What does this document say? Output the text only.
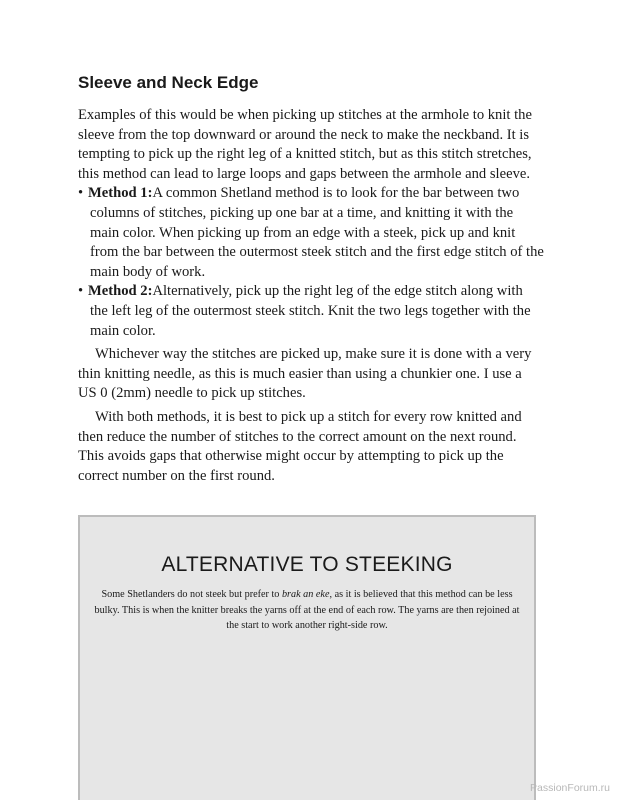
Sleeve and Neck Edge

Examples of this would be when picking up stitches at the armhole to knit the sleeve from the top downward or around the neck to make the neckband. It is tempting to pick up the right leg of a knitted stitch, but as this stitch stretches, this method can lead to large loops and gaps between the armhole and sleeve.

• Method 1:A common Shetland method is to look for the bar between two columns of stitches, picking up one bar at a time, and knitting it with the main color. When picking up from an edge with a steek, pick up and knit from the bar between the outermost steek stitch and the first edge stitch of the main body of work.
• Method 2:Alternatively, pick up the right leg of the edge stitch along with the left leg of the outermost steek stitch. Knit the two legs together with the main color.

Whichever way the stitches are picked up, make sure it is done with a very thin knitting needle, as this is much easier than using a chunkier one. I use a US 0 (2mm) needle to pick up stitches.

With both methods, it is best to pick up a stitch for every row knitted and then reduce the number of stitches to the correct amount on the next round. This avoids gaps that otherwise might occur by attempting to pick up the correct number on the first round.

ALTERNATIVE TO STEEKING

Some Shetlanders do not steek but prefer to brak an eke, as it is believed that this method can be less bulky. This is when the knitter breaks the yarns off at the end of each row. The yarns are then rejoined at the start to work another right-side row.

PassionForum.ru
